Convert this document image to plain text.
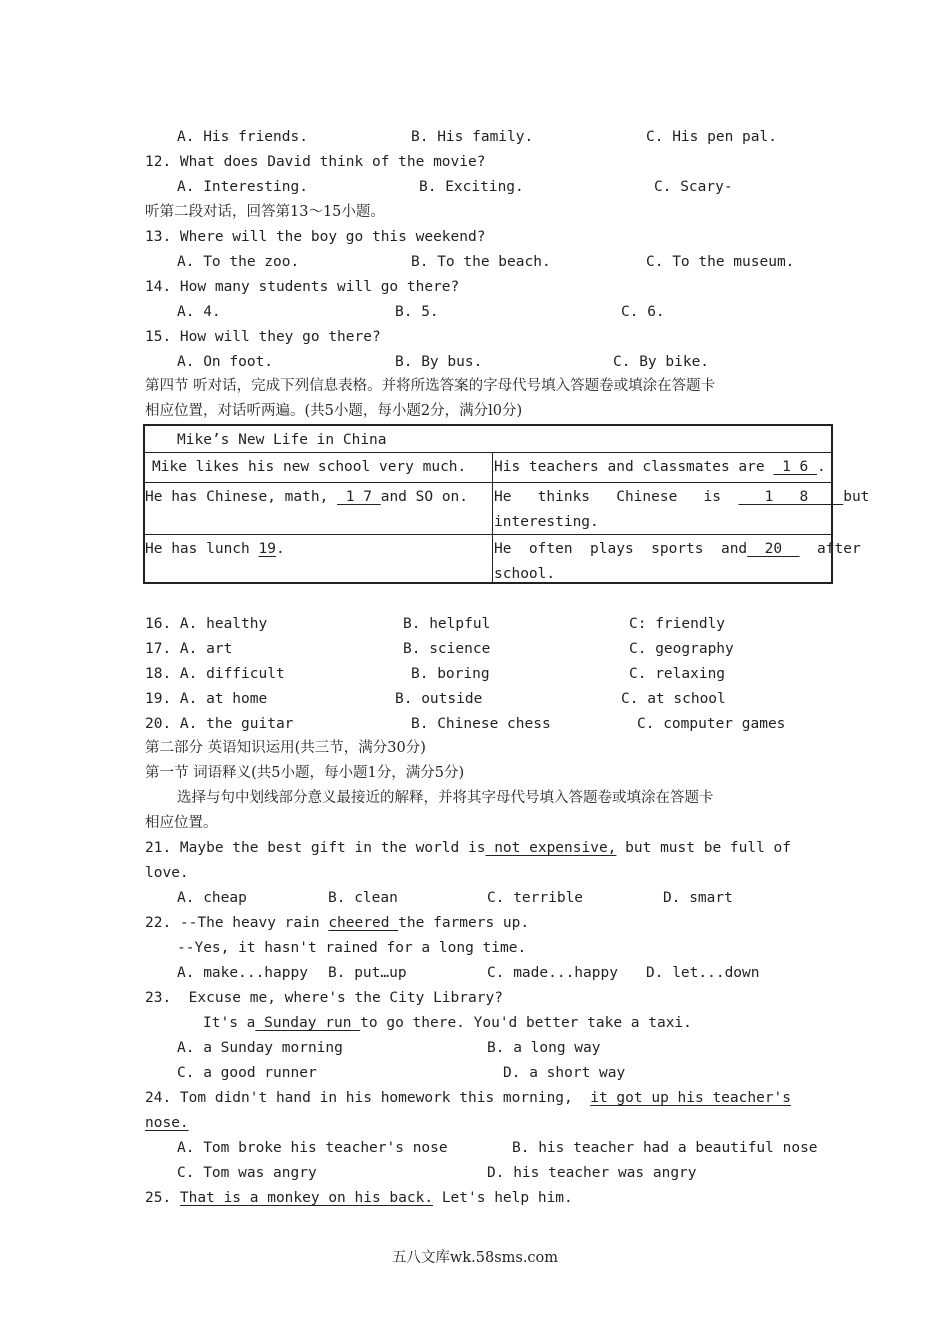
A. His friends.	B. His family.	C. His pen pal.
12. What does David think of the movie?
A. Interesting.	B. Exciting.	C. Scary-
听第二段对话，回答第13～15小题。
13. Where will the boy go this weekend?
A. To the zoo.	B. To the beach.	C. To the museum.
14. How many students will go there?
A. 4.	B. 5.	C. 6.
15. How will they go there?
A. On foot.	B. By bus.	C. By bike.
第四节 听对话，完成下列信息表格。并将所选答案的字母代号填入答题卷或填涂在答题卡
相应位置，对话听两遍。(共5小题，每小题2分，满分l0分)
Mike’s New Life in China
Mike likes his new school very much. His teachers and classmates are  1 6 .
He has Chinese, math,  1 7 and SO on. He   thinks   Chinese   is     1   8    but
interesting.
He has lunch 19.	He  often  plays  sports  and  20    after
school.
16. A. healthy	B. helpful	C: friendly
17. A. art	B. science	C. geography
18. A. difficult	B. boring	C. relaxing
19. A. at home	B. outside	C. at school
20. A. the guitar	B. Chinese chess	C. computer games
第二部分 英语知识运用(共三节，满分30分)
第一节 词语释义(共5小题，每小题1分，满分5分)
选择与句中划线部分意义最接近的解释，并将其字母代号填入答题卷或填涂在答题卡
相应位置。
21. Maybe the best gift in the world is not expensive, but must be full of
love.
A. cheap	B. clean	C. terrible	D. smart
22. --The heavy rain cheered the farmers up.
--Yes, it hasn't rained for a long time.
A. make...happy B. put…up	C. made...happy D. let...down
23.  Excuse me, where's the City Library?
It's a Sunday run to go there. You'd better take a taxi.
A. a Sunday morning	B. a long way
C. a good runner	D. a short way
24. Tom didn't hand in his homework this morning, it got up his teacher's
nose.
A. Tom broke his teacher's nose	B. his teacher had a beautiful nose
C. Tom was angry	D. his teacher was angry
25. That is a monkey on his back. Let's help him.
五八文库wk.58sms.com
